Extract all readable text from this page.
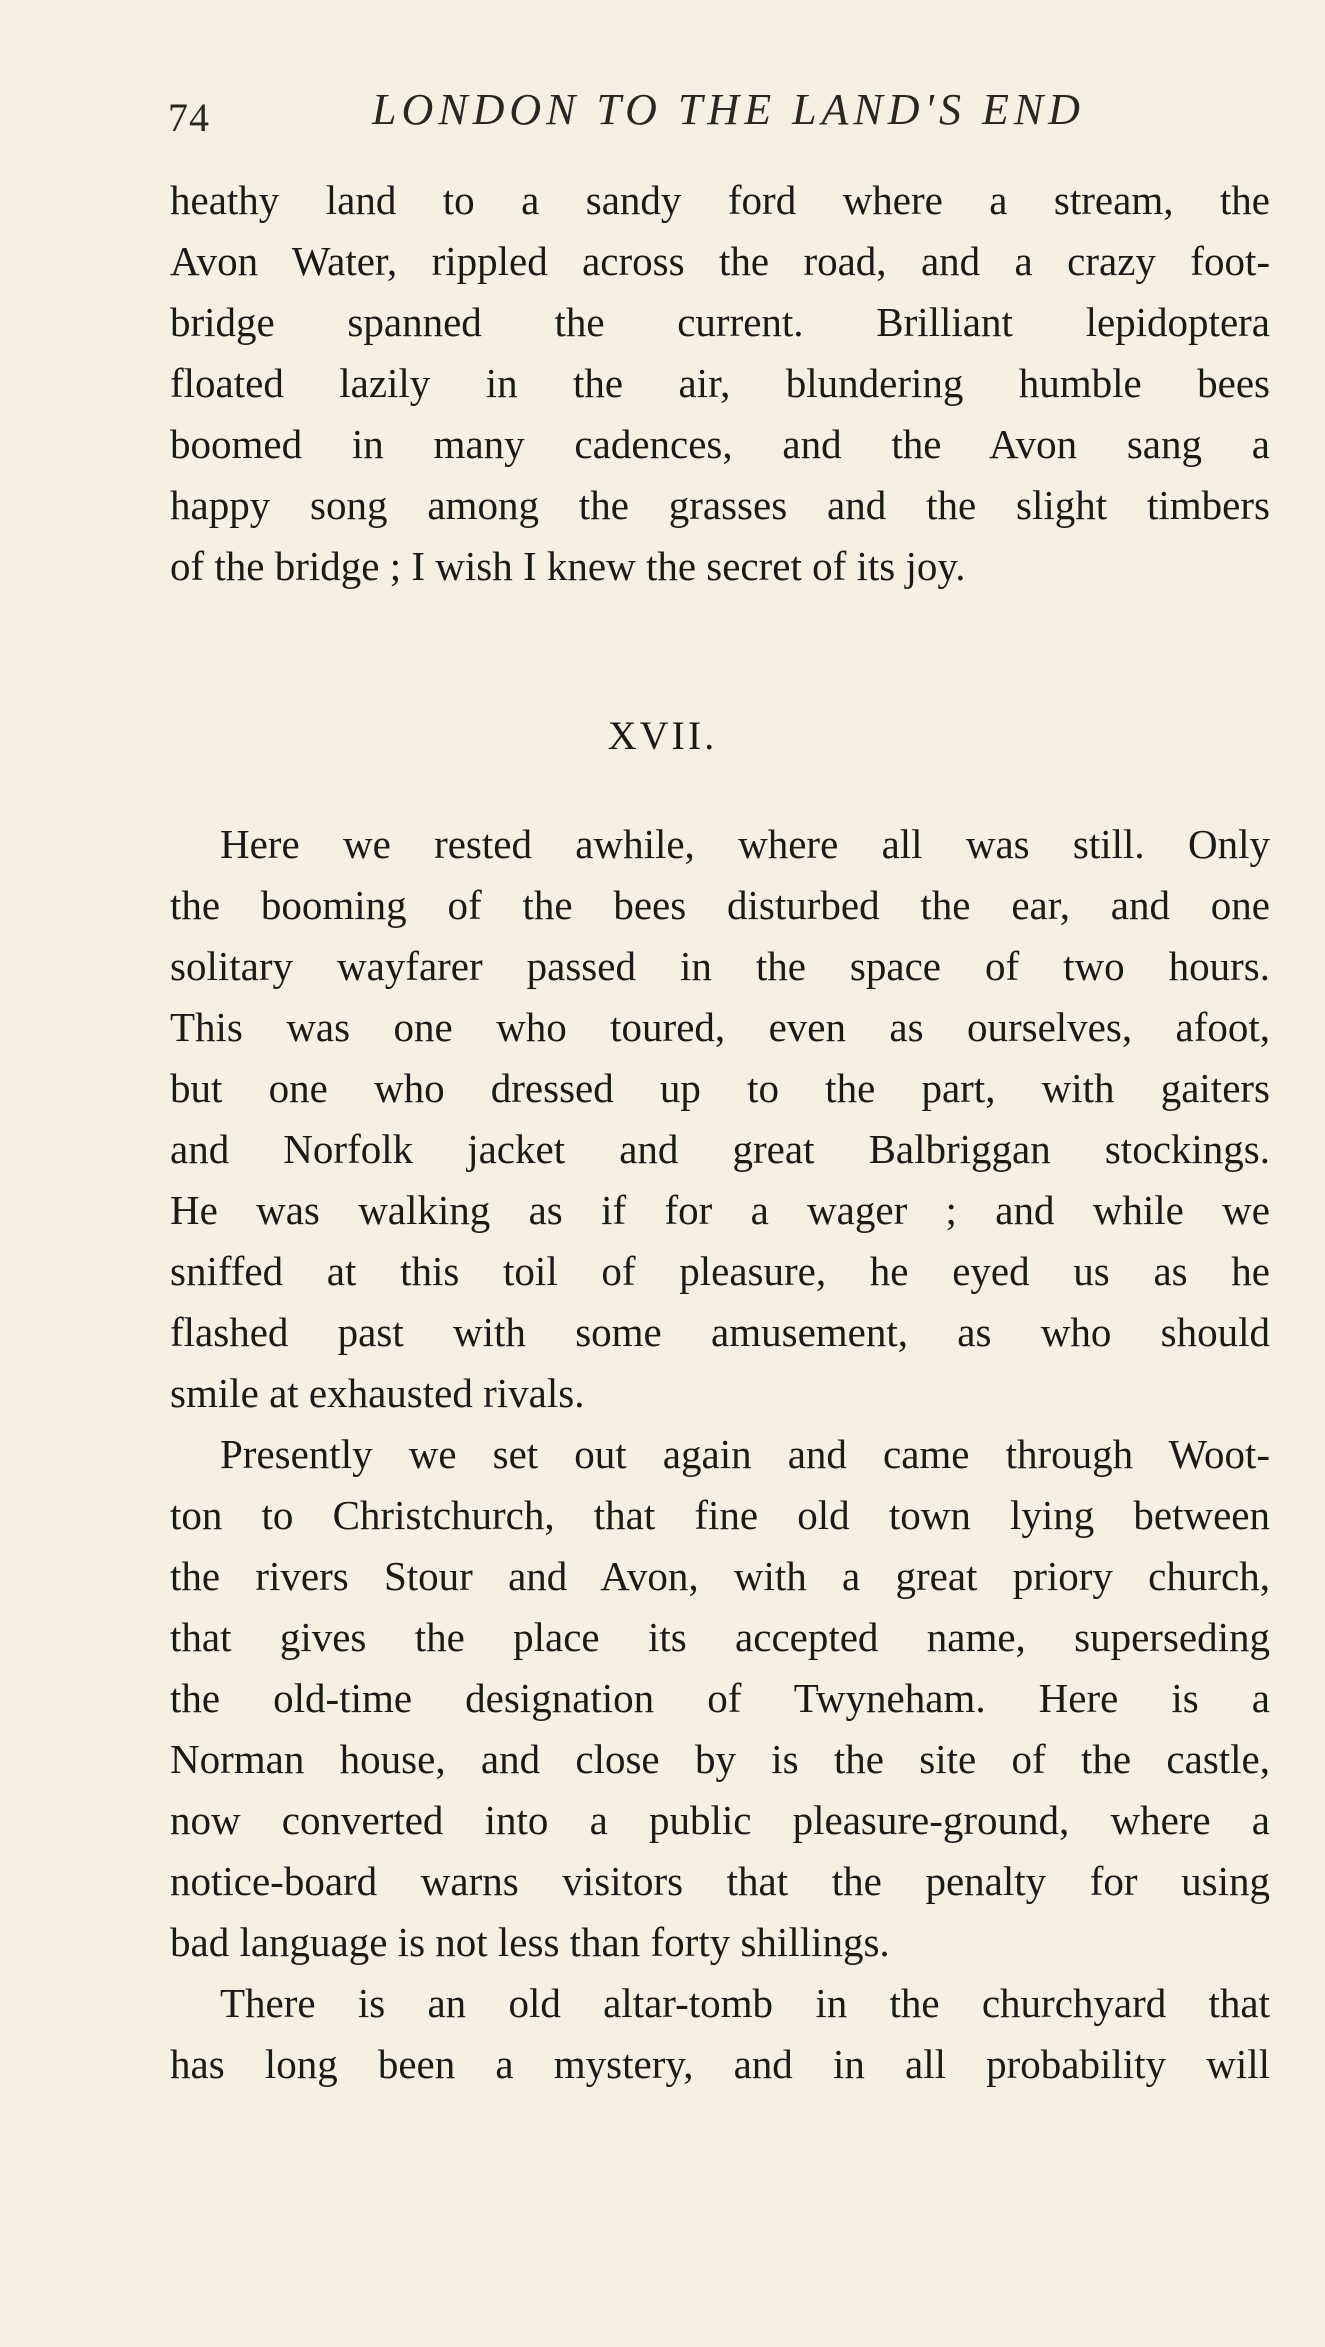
74	LONDON TO THE LAND'S END
heathy land to a sandy ford where a stream, the
Avon Water, rippled across the road, and a crazy foot-
bridge spanned the current. Brilliant lepidoptera
floated lazily in the air, blundering humble bees
boomed in many cadences, and the Avon sang a
happy song among the grasses and the slight timbers
of the bridge ; I wish I knew the secret of its joy.
XVII.
Here we rested awhile, where all was still. Only
the booming of the bees disturbed the ear, and one
solitary wayfarer passed in the space of two hours.
This was one who toured, even as ourselves, afoot,
but one who dressed up to the part, with gaiters
and Norfolk jacket and great Balbriggan stockings.
He was walking as if for a wager ; and while we
sniffed at this toil of pleasure, he eyed us as he
flashed past with some amusement, as who should
smile at exhausted rivals.
Presently we set out again and came through Woot-
ton to Christchurch, that fine old town lying between
the rivers Stour and Avon, with a great priory church,
that gives the place its accepted name, superseding
the old-time designation of Twyneham. Here is a
Norman house, and close by is the site of the castle,
now converted into a public pleasure-ground, where a
notice-board warns visitors that the penalty for using
bad language is not less than forty shillings.
There is an old altar-tomb in the churchyard that
has long been a mystery, and in all probability will
